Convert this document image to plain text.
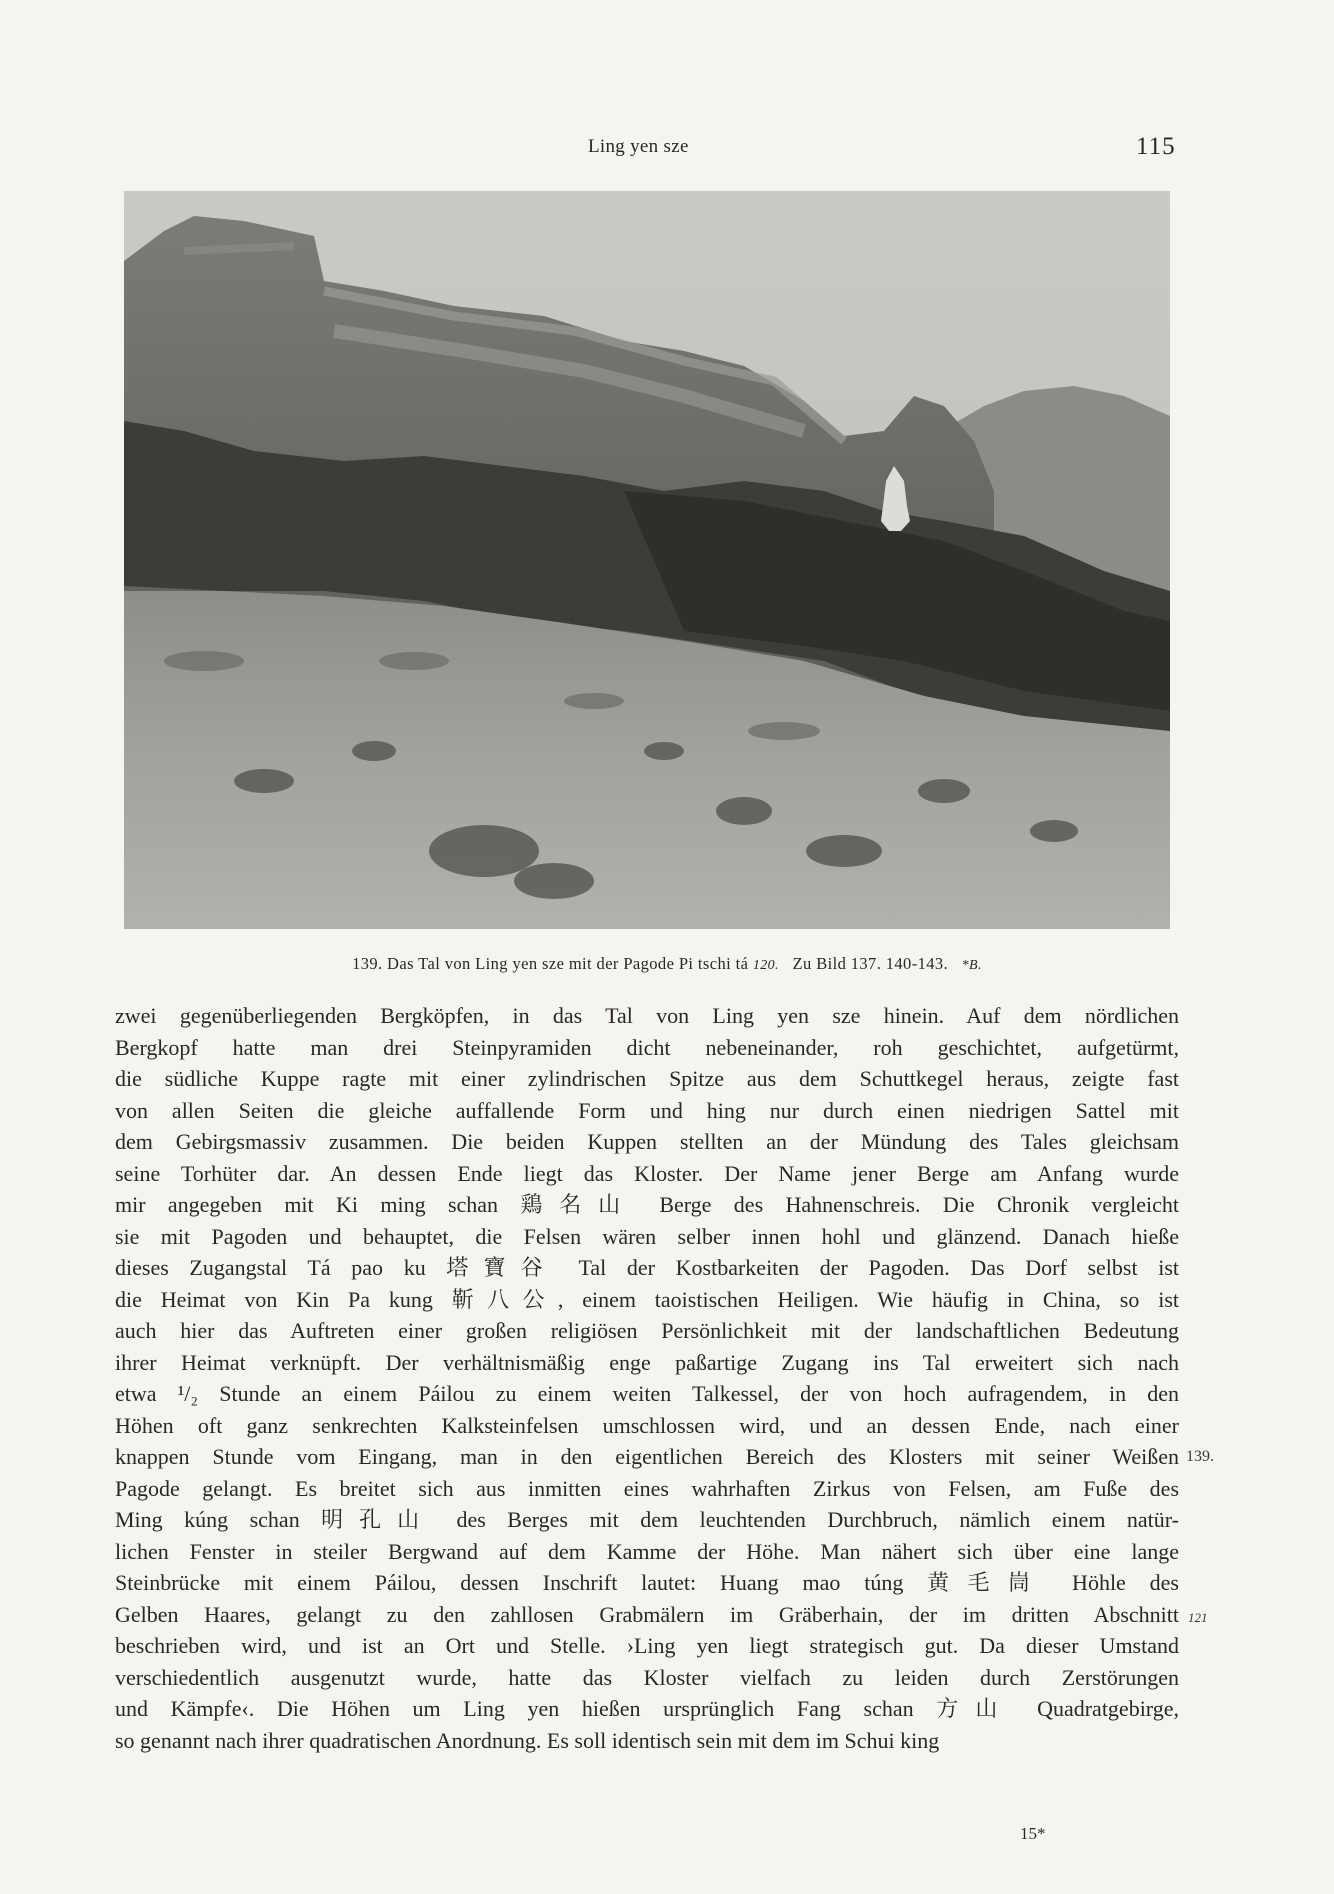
Ling yen sze	115
139. Das Tal von Ling yen sze mit der Pagode Pi tschi tá 120. Zu Bild 137. 140-143. *B.
zwei gegenüberliegenden Bergköpfen, in das Tal von Ling yen sze hinein. Auf dem nördlichen
Bergkopf hatte man drei Steinpyramiden dicht nebeneinander, roh geschichtet, aufgetürmt,
die südliche Kuppe ragte mit einer zylindrischen Spitze aus dem Schuttkegel heraus, zeigte fast
von allen Seiten die gleiche auffallende Form und hing nur durch einen niedrigen Sattel mit
dem Gebirgsmassiv zusammen. Die beiden Kuppen stellten an der Mündung des Tales gleichsam
seine Torhüter dar. An dessen Ende liegt das Kloster. Der Name jener Berge am Anfang wurde
mir angegeben mit Ki ming schan 鶏名山 Berge des Hahnenschreis. Die Chronik vergleicht
sie mit Pagoden und behauptet, die Felsen wären selber innen hohl und glänzend. Danach hieße
dieses Zugangstal Tá pao ku 塔寶谷 Tal der Kostbarkeiten der Pagoden. Das Dorf selbst ist
die Heimat von Kin Pa kung 靳八公, einem taoistischen Heiligen. Wie häufig in China, so ist
auch hier das Auftreten einer großen religiösen Persönlichkeit mit der landschaftlichen Bedeutung
ihrer Heimat verknüpft. Der verhältnismäßig enge paßartige Zugang ins Tal erweitert sich nach
etwa ¹/₂ Stunde an einem Páilou zu einem weiten Talkessel, der von hoch aufragendem, in den
Höhen oft ganz senkrechten Kalksteinfelsen umschlossen wird, und an dessen Ende, nach einer
knappen Stunde vom Eingang, man in den eigentlichen Bereich des Klosters mit seiner Weißen
Pagode gelangt. Es breitet sich aus inmitten eines wahrhaften Zirkus von Felsen, am Fuße des
Ming kúng schan 明孔山 des Berges mit dem leuchtenden Durchbruch, nämlich einem natür-
lichen Fenster in steiler Bergwand auf dem Kamme der Höhe. Man nähert sich über eine lange
Steinbrücke mit einem Páilou, dessen Inschrift lautet: Huang mao túng 黄毛峝 Höhle des
Gelben Haares, gelangt zu den zahllosen Grabmälern im Gräberhain, der im dritten Abschnitt
beschrieben wird, und ist an Ort und Stelle. ›Ling yen liegt strategisch gut. Da dieser Umstand
verschiedentlich ausgenutzt wurde, hatte das Kloster vielfach zu leiden durch Zerstörungen
und Kämpfe‹. Die Höhen um Ling yen hießen ursprünglich Fang schan 方山 Quadratgebirge,
so genannt nach ihrer quadratischen Anordnung. Es soll identisch sein mit dem im Schui king
139.
121
15*
